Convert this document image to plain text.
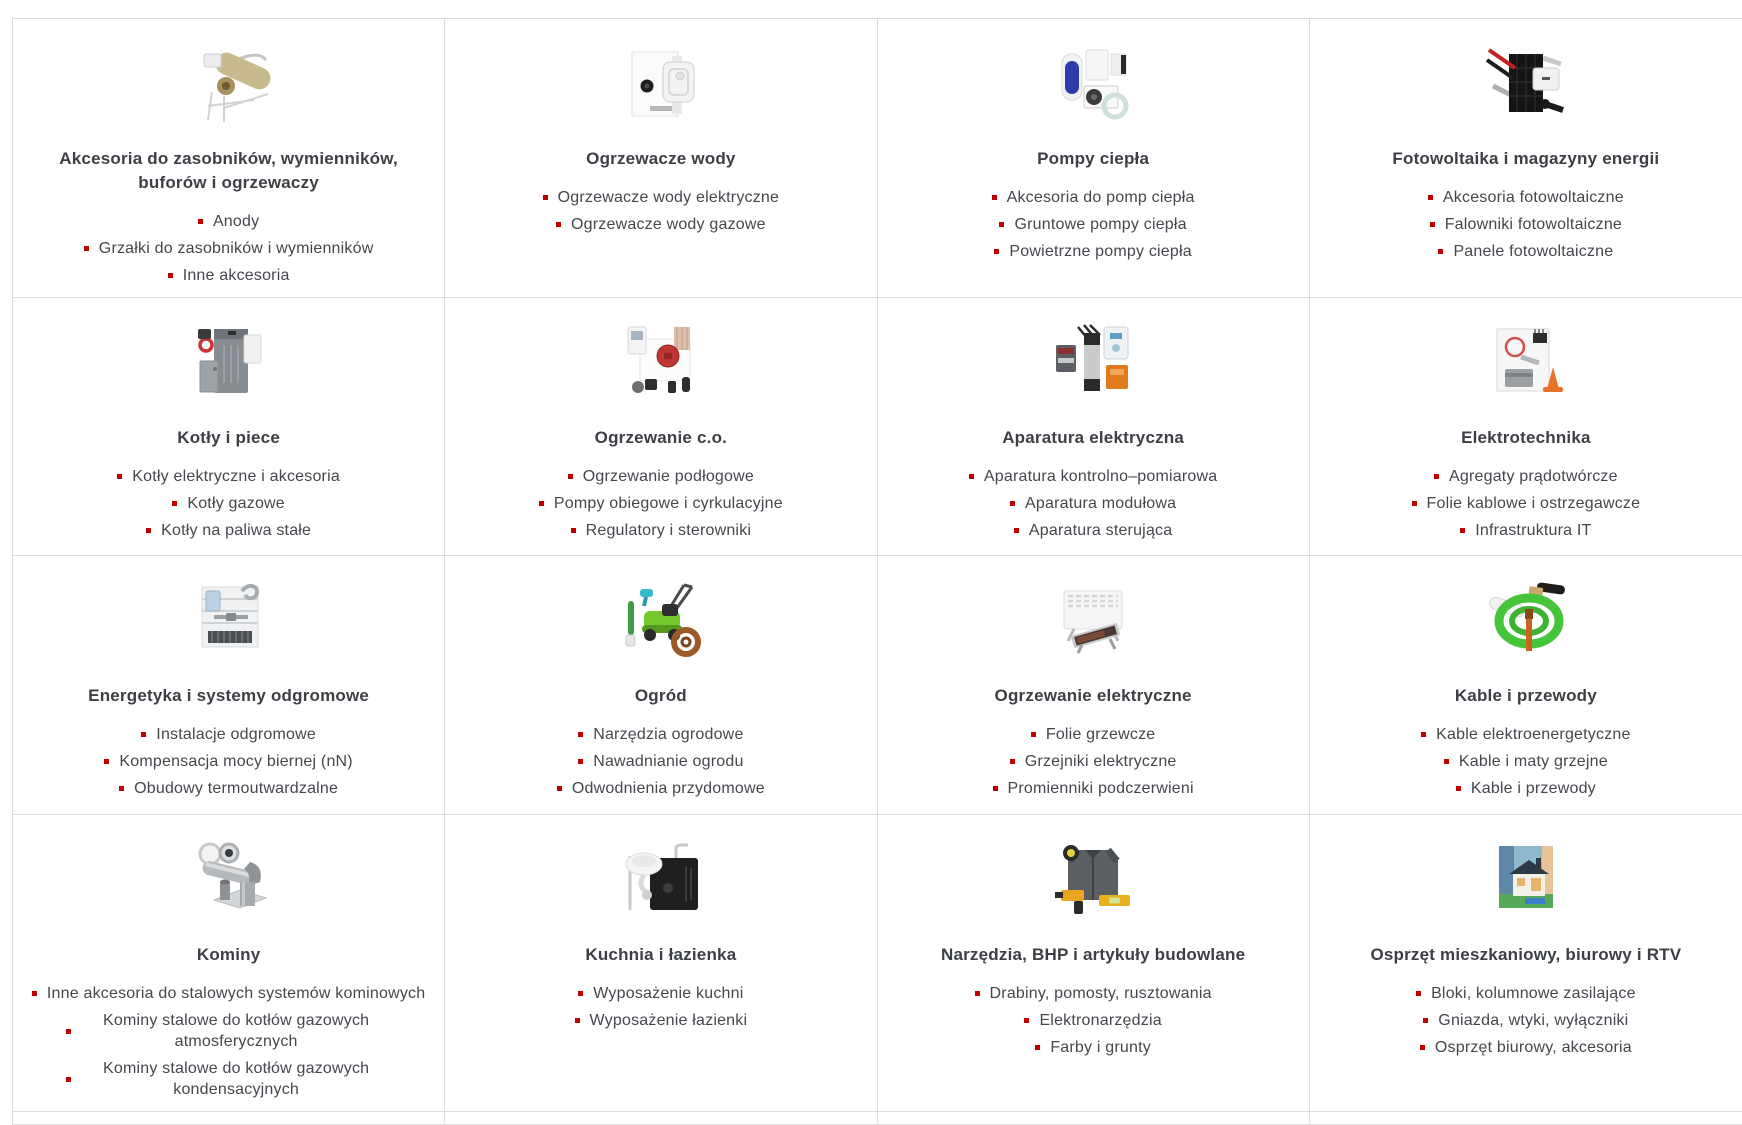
Akcesoria do zasobników, wymienników, buforów i ogrzewaczy
Anody
Grzałki do zasobników i wymienników
Inne akcesoria
Ogrzewacze wody
Ogrzewacze wody elektryczne
Ogrzewacze wody gazowe
Pompy ciepła
Akcesoria do pomp ciepła
Gruntowe pompy ciepła
Powietrzne pompy ciepła
Fotowoltaika i magazyny energii
Akcesoria fotowoltaiczne
Falowniki fotowoltaiczne
Panele fotowoltaiczne
Kotły i piece
Kotły elektryczne i akcesoria
Kotły gazowe
Kotły na paliwa stałe
Ogrzewanie c.o.
Ogrzewanie podłogowe
Pompy obiegowe i cyrkulacyjne
Regulatory i sterowniki
Aparatura elektryczna
Aparatura kontrolno–pomiarowa
Aparatura modułowa
Aparatura sterująca
Elektrotechnika
Agregaty prądotwórcze
Folie kablowe i ostrzegawcze
Infrastruktura IT
Energetyka i systemy odgromowe
Instalacje odgromowe
Kompensacja mocy biernej (nN)
Obudowy termoutwardzalne
Ogród
Narzędzia ogrodowe
Nawadnianie ogrodu
Odwodnienia przydomowe
Ogrzewanie elektryczne
Folie grzewcze
Grzejniki elektryczne
Promienniki podczerwieni
Kable i przewody
Kable elektroenergetyczne
Kable i maty grzejne
Kable i przewody
Kominy
Inne akcesoria do stalowych systemów kominowych
Kominy stalowe do kotłów gazowych atmosferycznych
Kominy stalowe do kotłów gazowych kondensacyjnych
Kuchnia i łazienka
Wyposażenie kuchni
Wyposażenie łazienki
Narzędzia, BHP i artykuły budowlane
Drabiny, pomosty, rusztowania
Elektronarzędzia
Farby i grunty
Osprzęt mieszkaniowy, biurowy i RTV
Bloki, kolumnowe zasilające
Gniazda, wtyki, wyłączniki
Osprzęt biurowy, akcesoria
